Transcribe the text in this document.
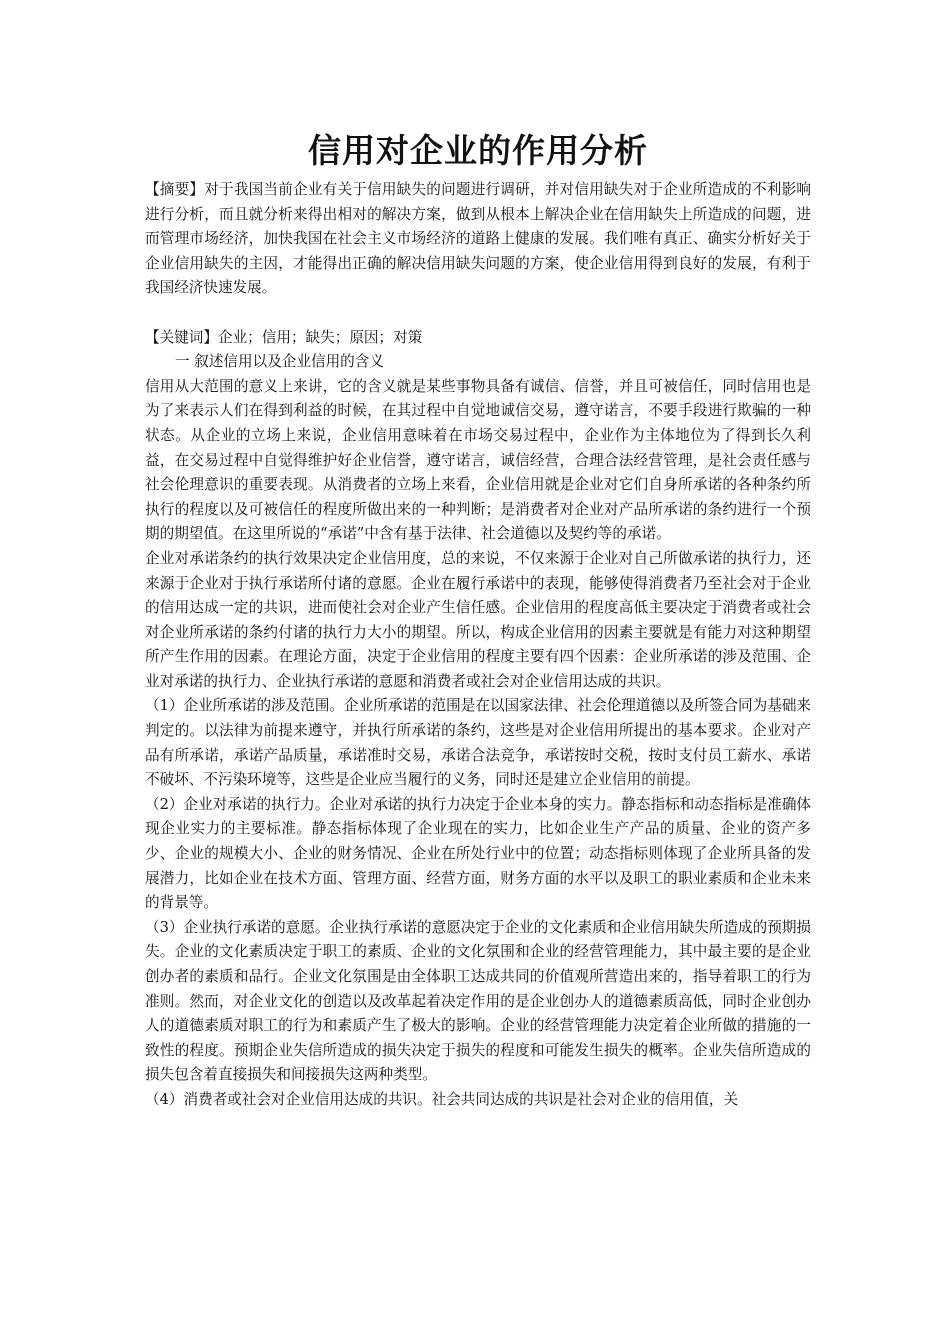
信用对企业的作用分析

【摘要】对于我国当前企业有关于信用缺失的问题进行调研，并对信用缺失对于企业所造成的不利影响进行分析，而且就分析来得出相对的解决方案，做到从根本上解决企业在信用缺失上所造成的问题，进而管理市场经济，加快我国在社会主义市场经济的道路上健康的发展。我们唯有真正、确实分析好关于企业信用缺失的主因，才能得出正确的解决信用缺失问题的方案，使企业信用得到良好的发展，有利于我国经济快速发展。

【关键词】企业；信用；缺失；原因；对策

一 叙述信用以及企业信用的含义

信用从大范围的意义上来讲，它的含义就是某些事物具备有诚信、信誉，并且可被信任，同时信用也是为了来表示人们在得到利益的时候，在其过程中自觉地诚信交易，遵守诺言，不要手段进行欺骗的一种状态。从企业的立场上来说，企业信用意味着在市场交易过程中，企业作为主体地位为了得到长久利益，在交易过程中自觉得维护好企业信誉，遵守诺言，诚信经营，合理合法经营管理，是社会责任感与社会伦理意识的重要表现。从消费者的立场上来看，企业信用就是企业对它们自身所承诺的各种条约所执行的程度以及可被信任的程度所做出来的一种判断；是消费者对企业对产品所承诺的条约进行一个预期的期望值。在这里所说的“承诺”中含有基于法律、社会道德以及契约等的承诺。

企业对承诺条约的执行效果决定企业信用度，总的来说，不仅来源于企业对自己所做承诺的执行力，还来源于企业对于执行承诺所付诸的意愿。企业在履行承诺中的表现，能够使得消费者乃至社会对于企业的信用达成一定的共识，进而使社会对企业产生信任感。企业信用的程度高低主要决定于消费者或社会对企业所承诺的条约付诸的执行力大小的期望。所以，构成企业信用的因素主要就是有能力对这种期望所产生作用的因素。在理论方面，决定于企业信用的程度主要有四个因素：企业所承诺的涉及范围、企业对承诺的执行力、企业执行承诺的意愿和消费者或社会对企业信用达成的共识。

（1）企业所承诺的涉及范围。企业所承诺的范围是在以国家法律、社会伦理道德以及所签合同为基础来判定的。以法律为前提来遵守，并执行所承诺的条约，这些是对企业信用所提出的基本要求。企业对产品有所承诺，承诺产品质量，承诺准时交易，承诺合法竞争，承诺按时交税，按时支付员工薪水、承诺不破坏、不污染环境等，这些是企业应当履行的义务，同时还是建立企业信用的前提。

（2）企业对承诺的执行力。企业对承诺的执行力决定于企业本身的实力。静态指标和动态指标是准确体现企业实力的主要标准。静态指标体现了企业现在的实力，比如企业生产产品的质量、企业的资产多少、企业的规模大小、企业的财务情况、企业在所处行业中的位置；动态指标则体现了企业所具备的发展潜力，比如企业在技术方面、管理方面、经营方面，财务方面的水平以及职工的职业素质和企业未来的背景等。

（3）企业执行承诺的意愿。企业执行承诺的意愿决定于企业的文化素质和企业信用缺失所造成的预期损失。企业的文化素质决定于职工的素质、企业的文化氛围和企业的经营管理能力，其中最主要的是企业创办者的素质和品行。企业文化氛围是由全体职工达成共同的价值观所营造出来的，指导着职工的行为准则。然而，对企业文化的创造以及改革起着决定作用的是企业创办人的道德素质高低，同时企业创办人的道德素质对职工的行为和素质产生了极大的影响。企业的经营管理能力决定着企业所做的措施的一致性的程度。预期企业失信所造成的损失决定于损失的程度和可能发生损失的概率。企业失信所造成的损失包含着直接损失和间接损失这两种类型。

（4）消费者或社会对企业信用达成的共识。社会共同达成的共识是社会对企业的信用值，关
